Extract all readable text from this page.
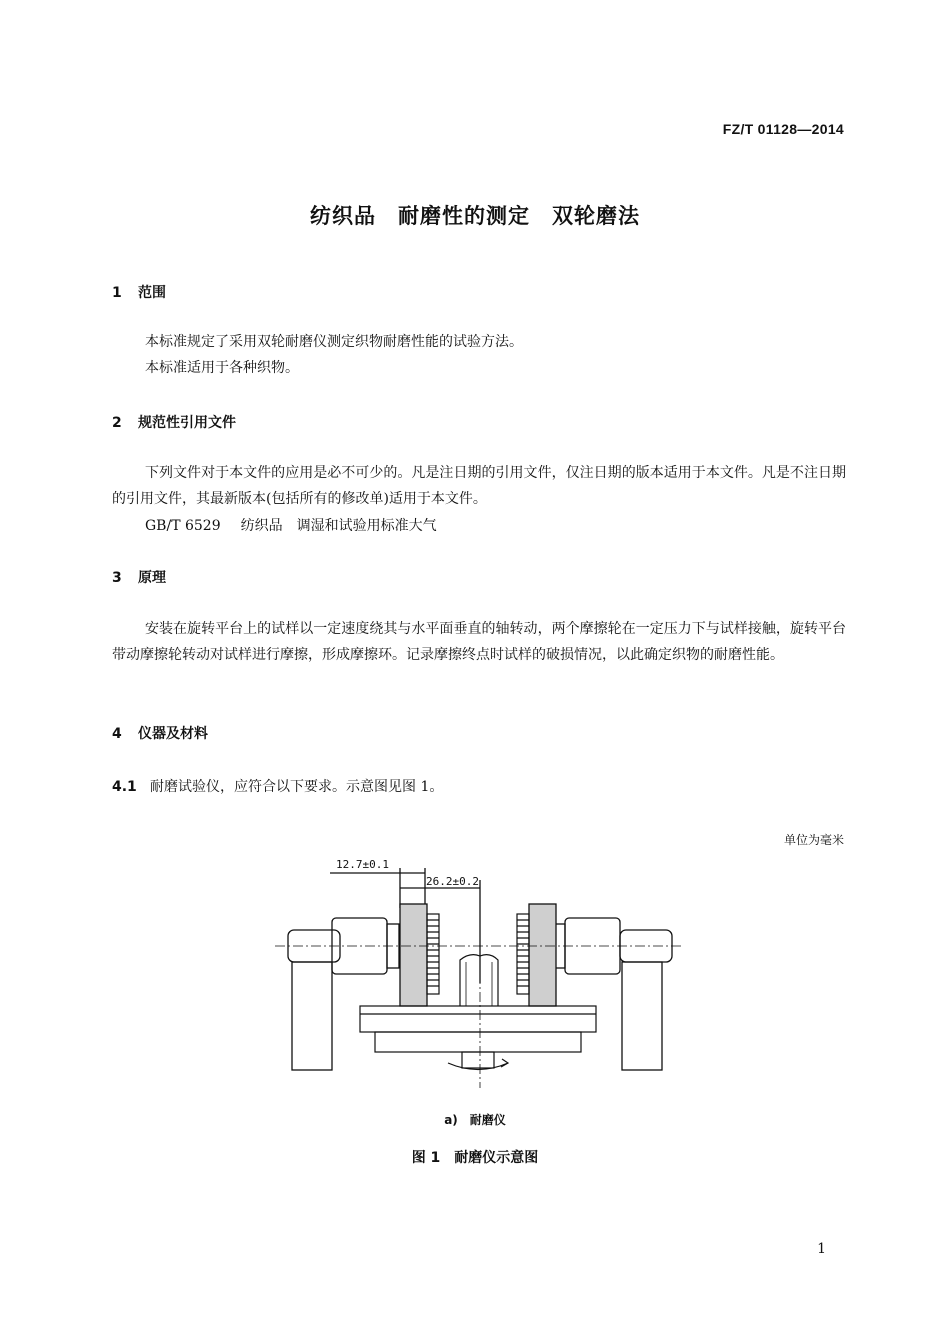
FZ/T 01128—2014
纺织品　耐磨性的测定　双轮磨法
1 范围
本标准规定了采用双轮耐磨仪测定织物耐磨性能的试验方法。
本标准适用于各种织物。
2 规范性引用文件
下列文件对于本文件的应用是必不可少的。凡是注日期的引用文件，仅注日期的版本适用于本文件。凡是不注日期的引用文件，其最新版本(包括所有的修改单)适用于本文件。
GB/T 6529 纺织品　调湿和试验用标准大气
3 原理
安装在旋转平台上的试样以一定速度绕其与水平面垂直的轴转动，两个摩擦轮在一定压力下与试样接触，旋转平台带动摩擦轮转动对试样进行摩擦，形成摩擦环。记录摩擦终点时试样的破损情况，以此确定织物的耐磨性能。
4 仪器及材料
4.1 耐磨试验仪，应符合以下要求。示意图见图 1。
单位为毫米
12.7±0.1
26.2±0.2
a)　耐磨仪
图 1　耐磨仪示意图
1
